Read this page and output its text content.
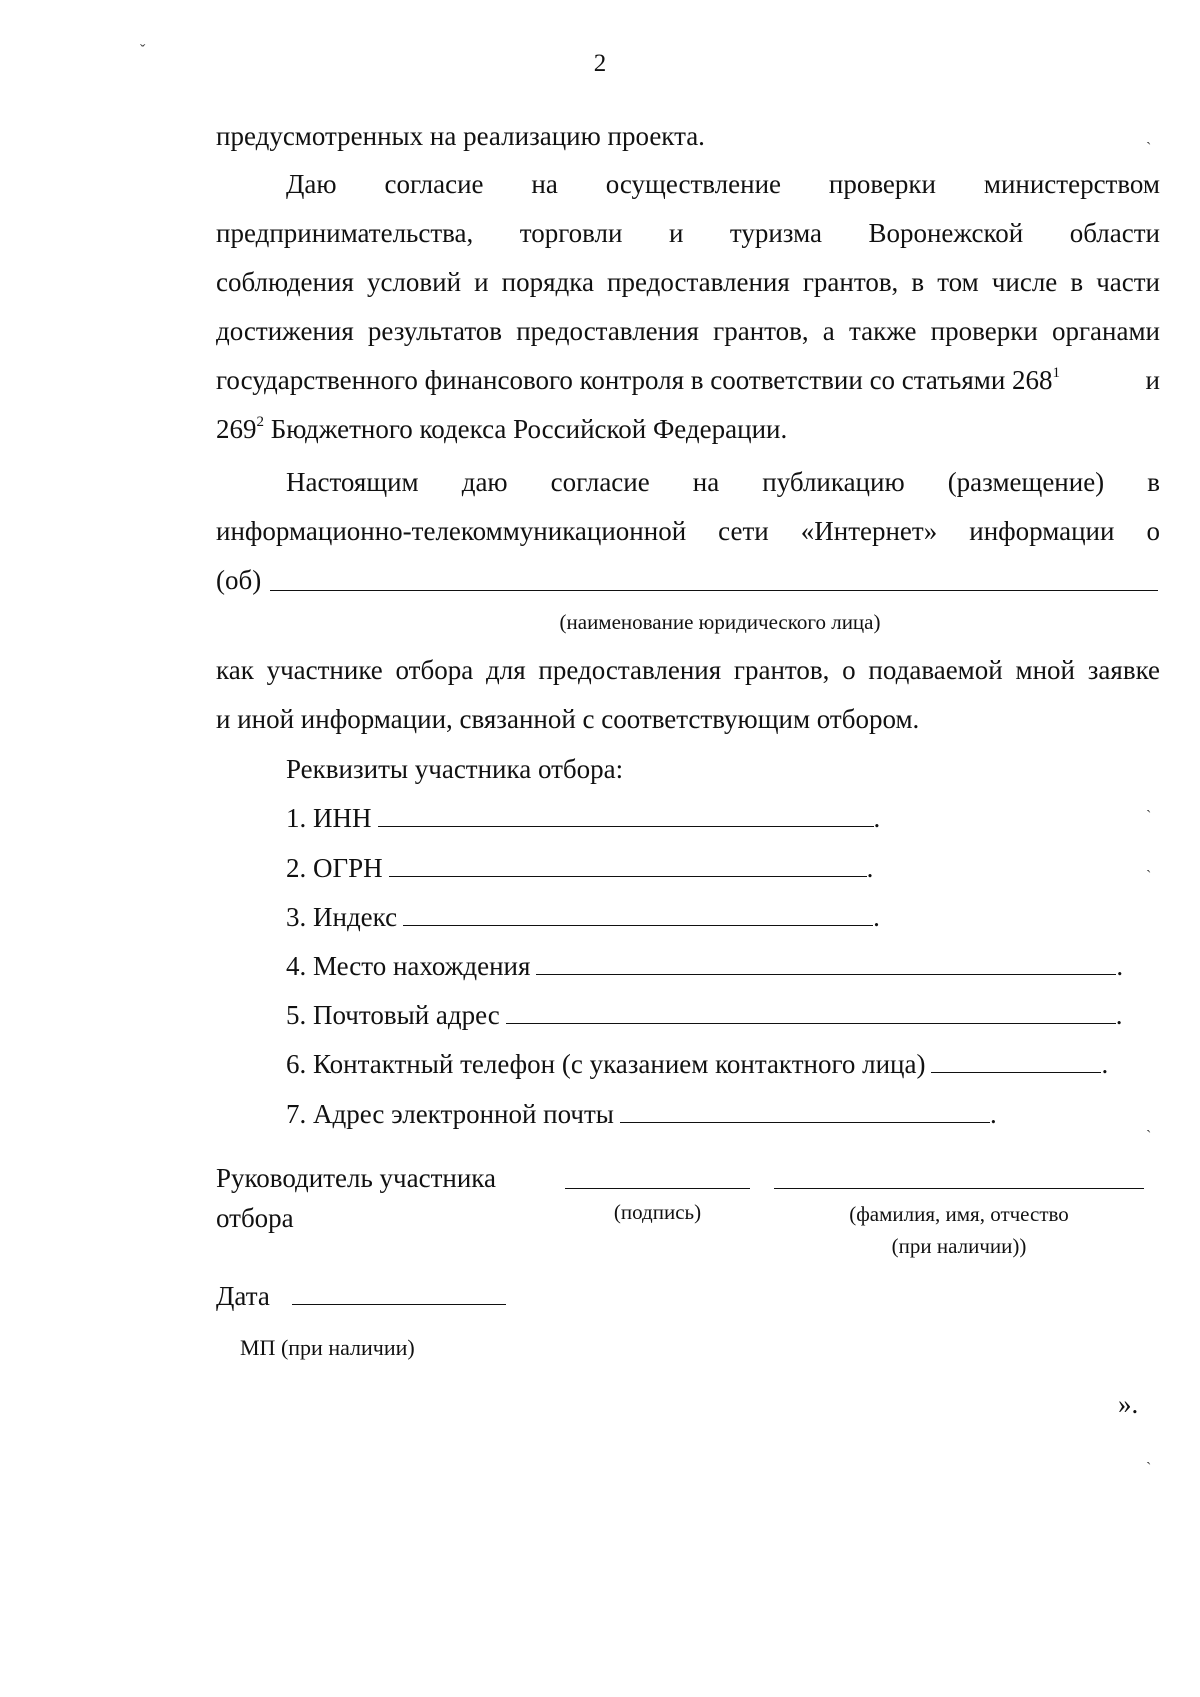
ˇ
ˋ
ˋ
ˏ
ˋ
ˋ
2
предусмотренных на реализацию проекта.
Даю согласие на осуществление проверки министерством
предпринимательства, торговли и туризма Воронежской области
соблюдения условий и порядка предоставления грантов, в том числе в части
достижения результатов предоставления грантов, а также проверки органами
государственного финансового контроля в соответствии со статьями $268^1$	и
$269^2$ Бюджетного кодекса Российской Федерации.
Настоящим даю согласие на публикацию (размещение) в
информационно-телекоммуникационной сети «Интернет» информации о
(об)
(наименование юридического лица)
как участнике отбора для предоставления грантов, о подаваемой мной заявке
и иной информации, связанной с соответствующим отбором.
Реквизиты участника отбора:
1. ИНН	.
2. ОГРН	.
3. Индекс	.
4. Место нахождения	.
5. Почтовый адрес	.
6. Контактный телефон (с указанием контактного лица)	.
7. Адрес электронной почты	.
Руководитель участника
отбора	(подпись)	(фамилия, имя, отчество
(при наличии))
Дата
МП (при наличии)
».
